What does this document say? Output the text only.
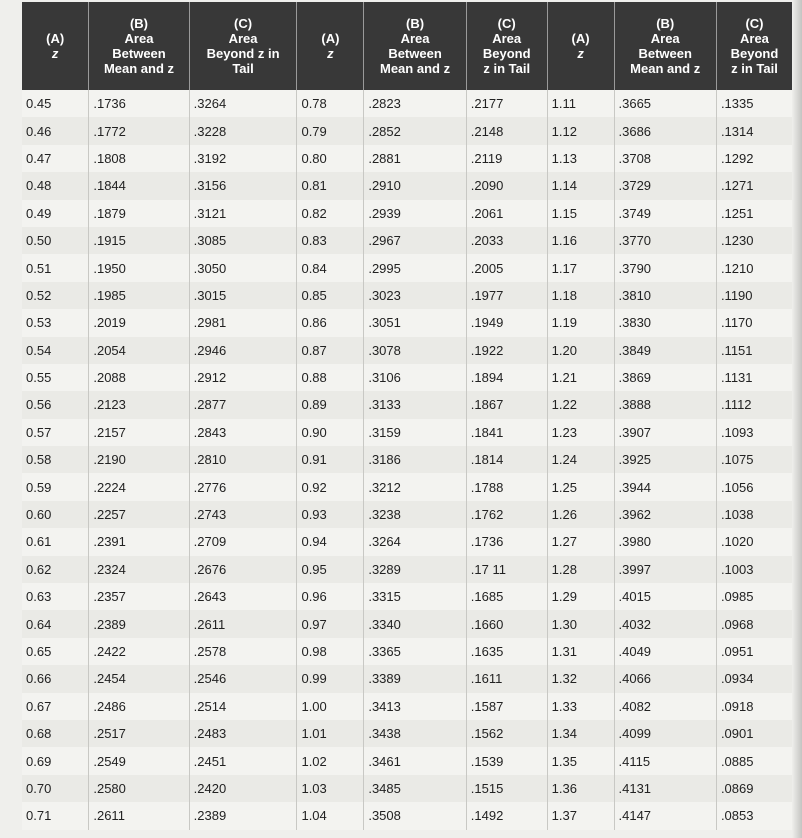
(A)
z	(B)
Area
Between
Mean and z	(C)
Area
Beyond z in
Tail	(A)
z	(B)
Area
Between
Mean and z	(C)
Area
Beyond
z in Tail	(A)
z	(B)
Area
Between
Mean and z	(C)
Area
Beyond
z in Tail

0.45	.1736	.3264	0.78	.2823	.2177	1.11	.3665	.1335
0.46	.1772	.3228	0.79	.2852	.2148	1.12	.3686	.1314
0.47	.1808	.3192	0.80	.2881	.2119	1.13	.3708	.1292
0.48	.1844	.3156	0.81	.2910	.2090	1.14	.3729	.1271
0.49	.1879	.3121	0.82	.2939	.2061	1.15	.3749	.1251
0.50	.1915	.3085	0.83	.2967	.2033	1.16	.3770	.1230
0.51	.1950	.3050	0.84	.2995	.2005	1.17	.3790	.1210
0.52	.1985	.3015	0.85	.3023	.1977	1.18	.3810	.1190
0.53	.2019	.2981	0.86	.3051	.1949	1.19	.3830	.1170
0.54	.2054	.2946	0.87	.3078	.1922	1.20	.3849	.1151
0.55	.2088	.2912	0.88	.3106	.1894	1.21	.3869	.1131
0.56	.2123	.2877	0.89	.3133	.1867	1.22	.3888	.1112
0.57	.2157	.2843	0.90	.3159	.1841	1.23	.3907	.1093
0.58	.2190	.2810	0.91	.3186	.1814	1.24	.3925	.1075
0.59	.2224	.2776	0.92	.3212	.1788	1.25	.3944	.1056
0.60	.2257	.2743	0.93	.3238	.1762	1.26	.3962	.1038
0.61	.2391	.2709	0.94	.3264	.1736	1.27	.3980	.1020
0.62	.2324	.2676	0.95	.3289	.17 11	1.28	.3997	.1003
0.63	.2357	.2643	0.96	.3315	.1685	1.29	.4015	.0985
0.64	.2389	.2611	0.97	.3340	.1660	1.30	.4032	.0968
0.65	.2422	.2578	0.98	.3365	.1635	1.31	.4049	.0951
0.66	.2454	.2546	0.99	.3389	.1611	1.32	.4066	.0934
0.67	.2486	.2514	1.00	.3413	.1587	1.33	.4082	.0918
0.68	.2517	.2483	1.01	.3438	.1562	1.34	.4099	.0901
0.69	.2549	.2451	1.02	.3461	.1539	1.35	.4115	.0885
0.70	.2580	.2420	1.03	.3485	.1515	1.36	.4131	.0869
0.71	.2611	.2389	1.04	.3508	.1492	1.37	.4147	.0853
